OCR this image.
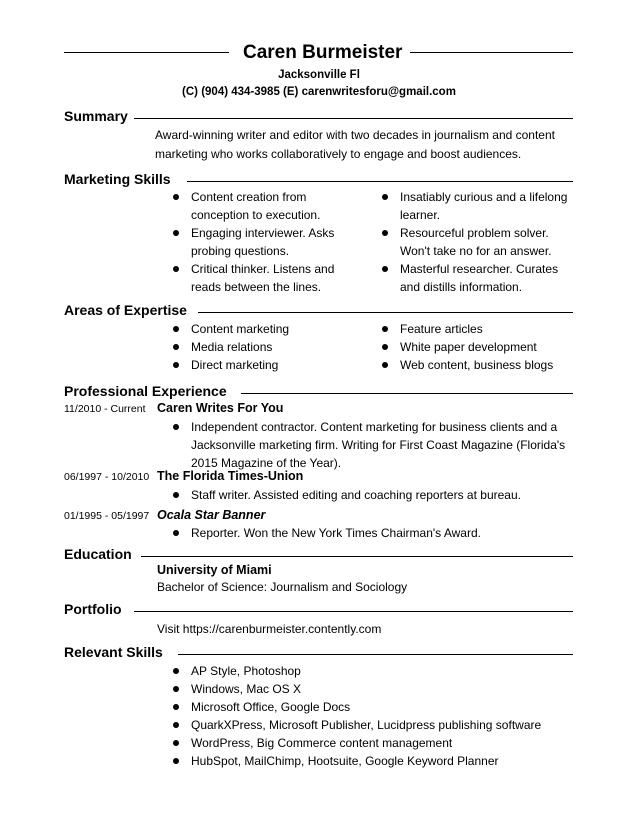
Caren Burmeister
Jacksonville Fl
(C) (904) 434-3985 (E) carenwritesforu@gmail.com
Summary
Award-winning writer and editor with two decades in journalism and content marketing who works collaboratively to engage and boost audiences.
Marketing Skills
Content creation from conception to execution.
Engaging interviewer. Asks probing questions.
Critical thinker. Listens and reads between the lines.
Insatiably curious and a lifelong learner.
Resourceful problem solver. Won't take no for an answer.
Masterful researcher. Curates and distills information.
Areas of Expertise
Content marketing
Media relations
Direct marketing
Feature articles
White paper development
Web content, business blogs
Professional Experience
11/2010 - Current Caren Writes For You
Independent contractor. Content marketing for business clients and a Jacksonville marketing firm. Writing for First Coast Magazine (Florida's 2015 Magazine of the Year).
06/1997 - 10/2010 The Florida Times-Union
Staff writer. Assisted editing and coaching reporters at bureau.
01/1995 - 05/1997 Ocala Star Banner
Reporter. Won the New York Times Chairman's Award.
Education
University of Miami
Bachelor of Science: Journalism and Sociology
Portfolio
Visit https://carenburmeister.contently.com
Relevant Skills
AP Style, Photoshop
Windows, Mac OS X
Microsoft Office, Google Docs
QuarkXPress, Microsoft Publisher, Lucidpress publishing software
WordPress, Big Commerce content management
HubSpot, MailChimp, Hootsuite, Google Keyword Planner
